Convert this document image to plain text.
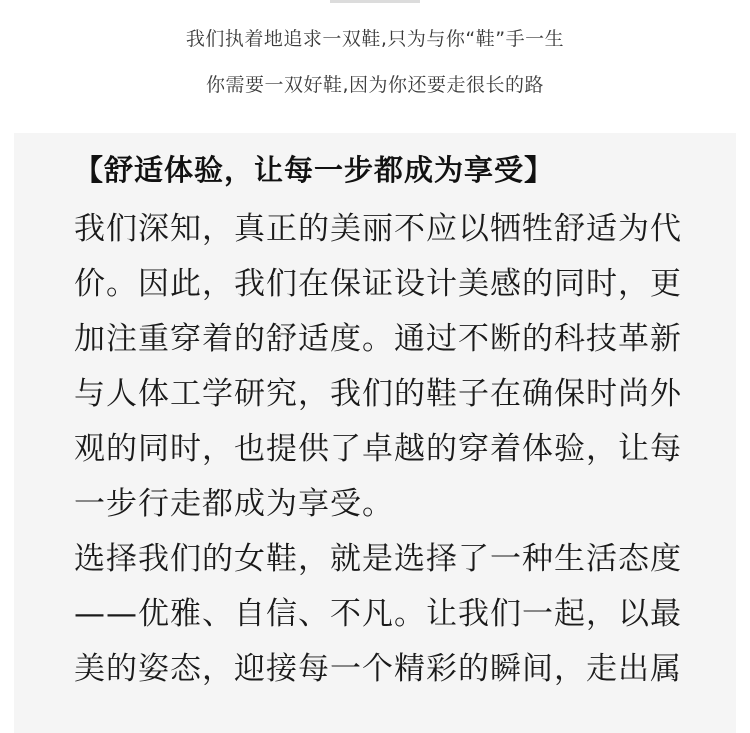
我们执着地追求一双鞋,只为与你“鞋”手一生
你需要一双好鞋,因为你还要走很长的路
【舒适体验，让每一步都成为享受】
我们深知，真正的美丽不应以牺牲舒适为代
价。因此，我们在保证设计美感的同时，更
加注重穿着的舒适度。通过不断的科技革新
与人体工学研究，我们的鞋子在确保时尚外
观的同时，也提供了卓越的穿着体验，让每
一步行走都成为享受。
选择我们的女鞋，就是选择了一种生活态度
——优雅、自信、不凡。让我们一起，以最
美的姿态，迎接每一个精彩的瞬间，走出属
